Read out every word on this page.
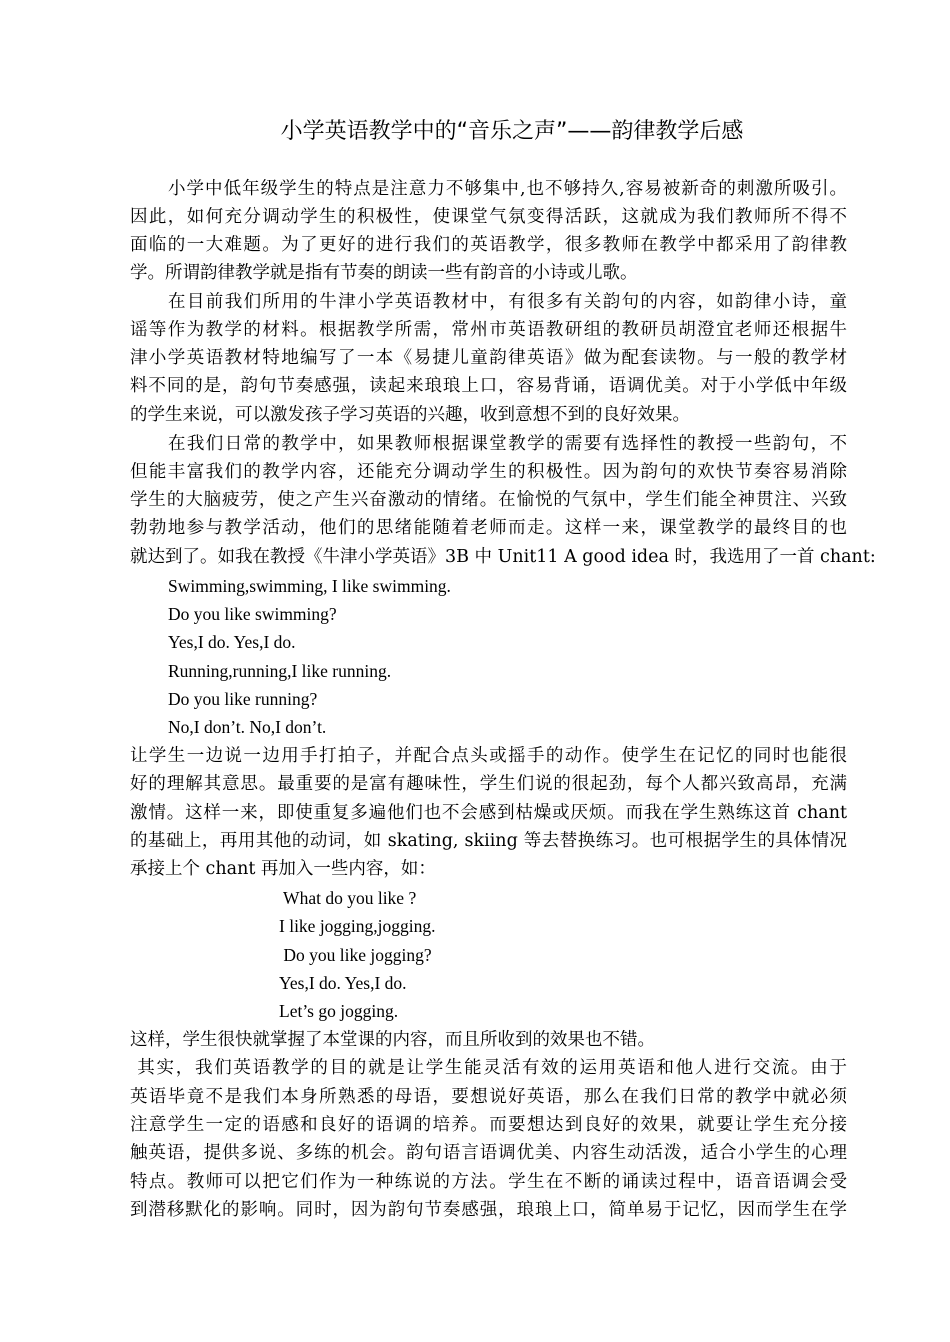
小学英语教学中的“音乐之声”——韵律教学后感
小学中低年级学生的特点是注意力不够集中,也不够持久,容易被新奇的刺激所吸引。
因此，如何充分调动学生的积极性，使课堂气氛变得活跃，这就成为我们教师所不得不
面临的一大难题。为了更好的进行我们的英语教学，很多教师在教学中都采用了韵律教
学。所谓韵律教学就是指有节奏的朗读一些有韵音的小诗或儿歌。
在目前我们所用的牛津小学英语教材中，有很多有关韵句的内容，如韵律小诗，童
谣等作为教学的材料。根据教学所需，常州市英语教研组的教研员胡澄宜老师还根据牛
津小学英语教材特地编写了一本《易捷儿童韵律英语》做为配套读物。与一般的教学材
料不同的是，韵句节奏感强，读起来琅琅上口，容易背诵，语调优美。对于小学低中年级
的学生来说，可以激发孩子学习英语的兴趣，收到意想不到的良好效果。
在我们日常的教学中，如果教师根据课堂教学的需要有选择性的教授一些韵句，不
但能丰富我们的教学内容，还能充分调动学生的积极性。因为韵句的欢快节奏容易消除
学生的大脑疲劳，使之产生兴奋激动的情绪。在愉悦的气氛中，学生们能全神贯注、兴致
勃勃地参与教学活动，他们的思绪能随着老师而走。这样一来，课堂教学的最终目的也
就达到了。如我在教授《牛津小学英语》3B 中 Unit11 A good idea 时，我选用了一首 chant:
Swimming,swimming, I like swimming.
Do you like swimming?
Yes,I do. Yes,I do.
Running,running,I like running.
Do you like running?
No,I don’t. No,I don’t.
让学生一边说一边用手打拍子，并配合点头或摇手的动作。使学生在记忆的同时也能很
好的理解其意思。最重要的是富有趣味性，学生们说的很起劲，每个人都兴致高昂，充满
激情。这样一来，即使重复多遍他们也不会感到枯燥或厌烦。而我在学生熟练这首 chant
的基础上，再用其他的动词，如 skating, skiing 等去替换练习。也可根据学生的具体情况
承接上个 chant 再加入一些内容，如：
What do you like ?
I like jogging,jogging.
Do you like jogging?
Yes,I do. Yes,I do.
Let’s go jogging.
这样，学生很快就掌握了本堂课的内容，而且所收到的效果也不错。
其实，我们英语教学的目的就是让学生能灵活有效的运用英语和他人进行交流。由于
英语毕竟不是我们本身所熟悉的母语，要想说好英语，那么在我们日常的教学中就必须
注意学生一定的语感和良好的语调的培养。而要想达到良好的效果，就要让学生充分接
触英语，提供多说、多练的机会。韵句语言语调优美、内容生动活泼，适合小学生的心理
特点。教师可以把它们作为一种练说的方法。学生在不断的诵读过程中，语音语调会受
到潜移默化的影响。同时，因为韵句节奏感强，琅琅上口，简单易于记忆，因而学生在学
